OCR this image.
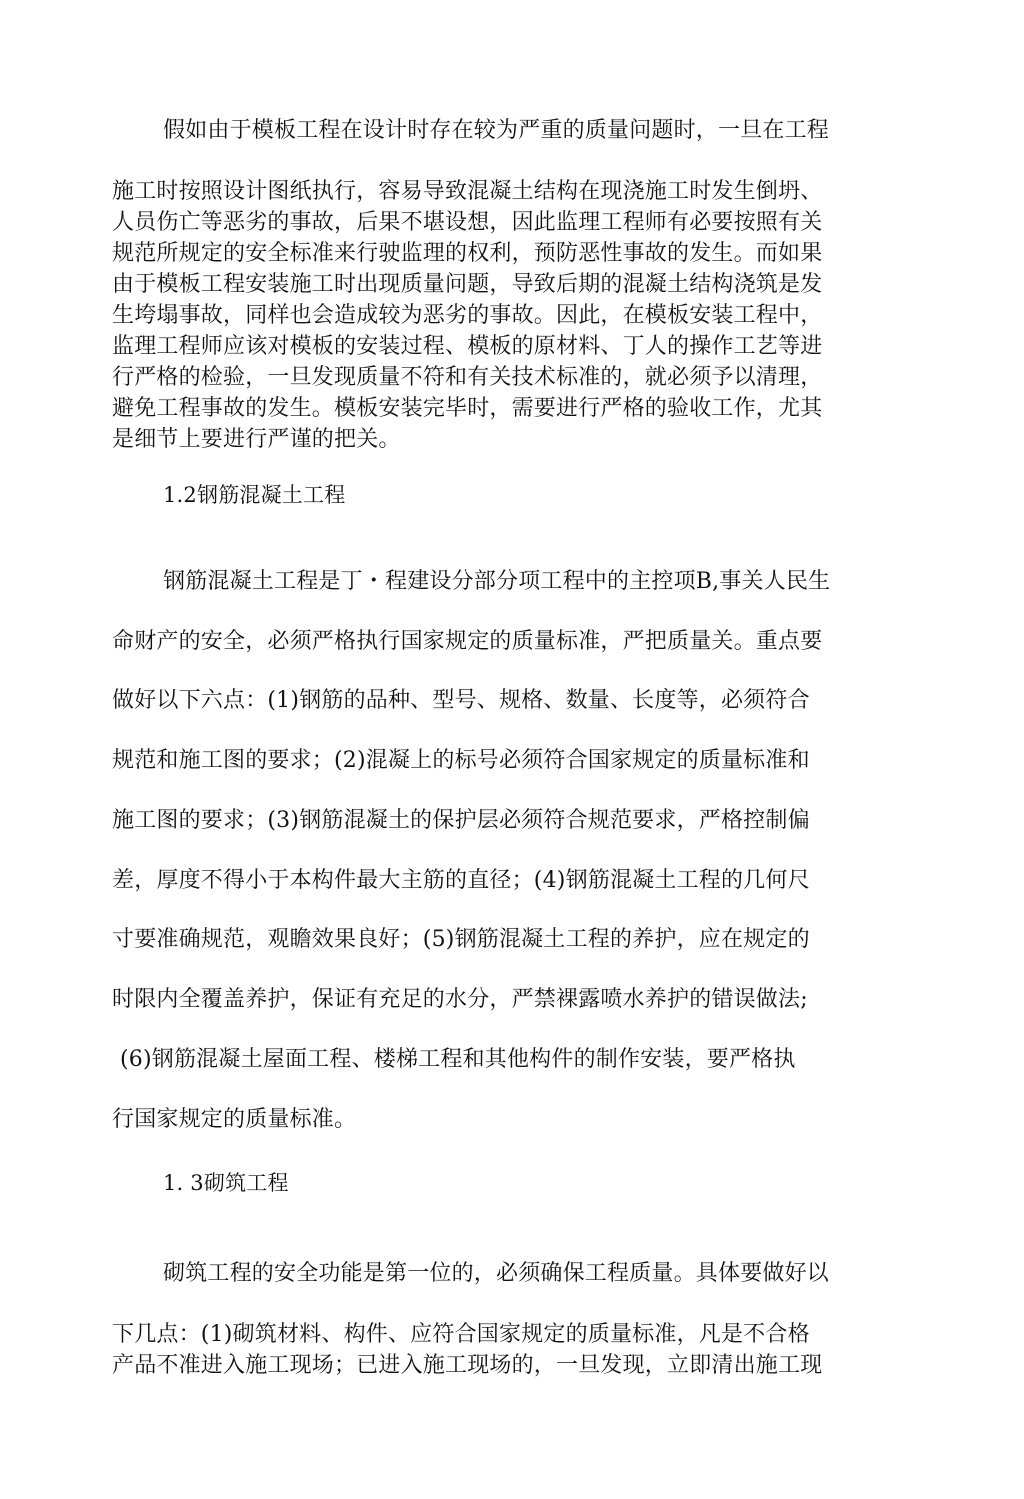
假如由于模板工程在设计时存在较为严重的质量问题时，一旦在工程
施工时按照设计图纸执行，容易导致混凝土结构在现浇施工时发生倒坍、
人员伤亡等恶劣的事故，后果不堪设想，因此监理工程师有必要按照有关
规范所规定的安全标准来行驶监理的权利，预防恶性事故的发生。而如果
由于模板工程安装施工时出现质量问题，导致后期的混凝土结构浇筑是发
生垮塌事故，同样也会造成较为恶劣的事故。因此，在模板安装工程中，
监理工程师应该对模板的安装过程、模板的原材料、丁人的操作工艺等进
行严格的检验，一旦发现质量不符和有关技术标准的，就必须予以清理，
避免工程事故的发生。模板安装完毕时，需要进行严格的验收工作，尤其
是细节上要进行严谨的把关。
1.2钢筋混凝土工程
钢筋混凝土工程是丁・程建设分部分项工程中的主控项B,事关人民生
命财产的安全，必须严格执行国家规定的质量标准，严把质量关。重点要
做好以下六点：(1)钢筋的品种、型号、规格、数量、长度等，必须符合
规范和施工图的要求；(2)混凝上的标号必须符合国家规定的质量标准和
施工图的要求；(3)钢筋混凝土的保护层必须符合规范要求，严格控制偏
差，厚度不得小于本构件最大主筋的直径；(4)钢筋混凝土工程的几何尺
寸要准确规范，观瞻效果良好；(5)钢筋混凝土工程的养护，应在规定的
时限内全覆盖养护，保证有充足的水分，严禁裸露喷水养护的错误做法;
(6)钢筋混凝土屋面工程、楼梯工程和其他构件的制作安装，要严格执
行国家规定的质量标准。
1. 3砌筑工程
砌筑工程的安全功能是第一位的，必须确保工程质量。具体要做好以
下几点：(1)砌筑材料、构件、应符合国家规定的质量标准，凡是不合格
产品不准进入施工现场；已进入施工现场的，一旦发现，立即清出施工现
